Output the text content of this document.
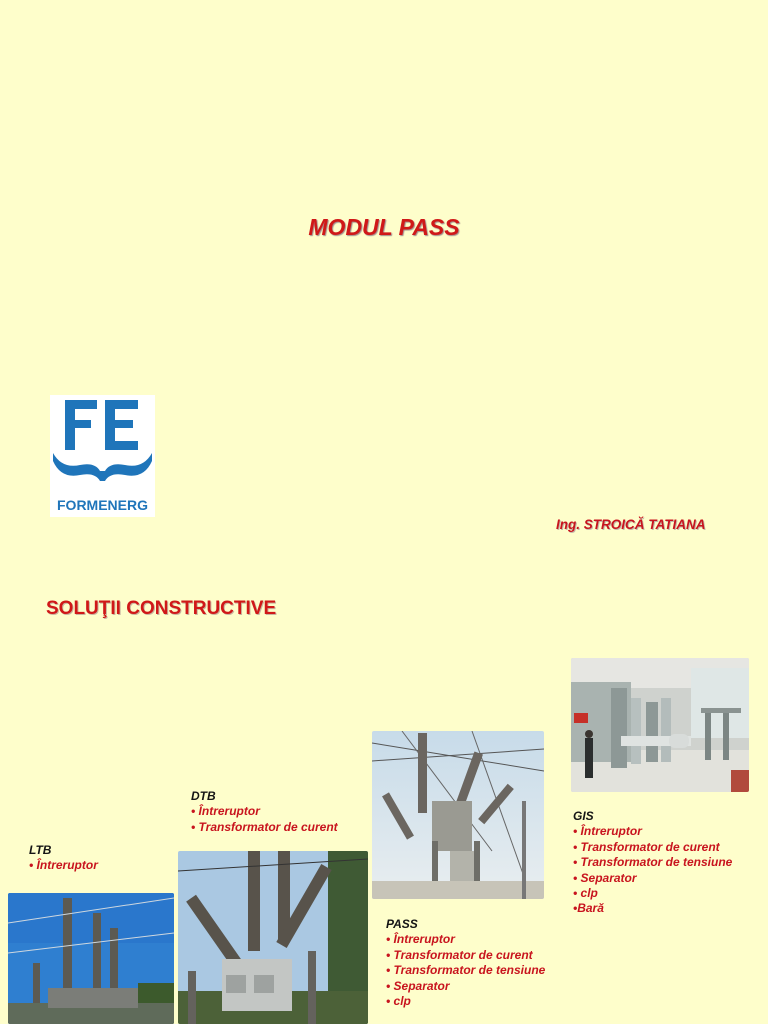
MODUL PASS
FORMENERG
Ing. STROICĂ TATIANA
SOLUŢII CONSTRUCTIVE
LTB
• Întreruptor
DTB
• Întreruptor
• Transformator de curent
PASS
• Întreruptor
• Transformator de curent
• Transformator de tensiune
• Separator
• clp
GIS
• Întreruptor
• Transformator de curent
• Transformator de tensiune
• Separator
• clp
•Bară
